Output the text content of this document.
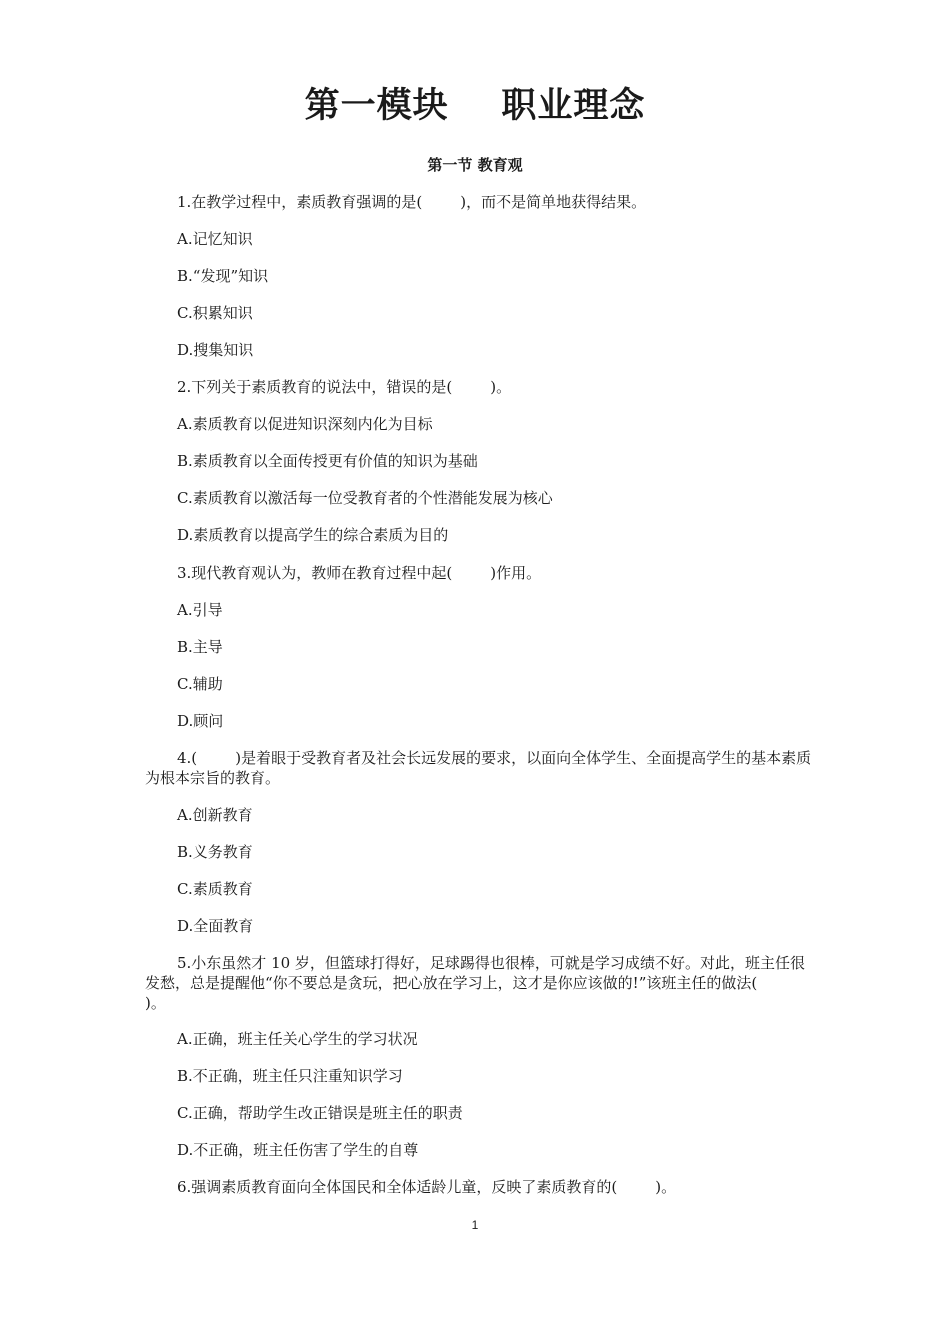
第一模块    职业理念
第一节 教育观
1.在教学过程中，素质教育强调的是(        )，而不是简单地获得结果。
A.记忆知识
B.“发现”知识
C.积累知识
D.搜集知识
2.下列关于素质教育的说法中，错误的是(        )。
A.素质教育以促进知识深刻内化为目标
B.素质教育以全面传授更有价值的知识为基础
C.素质教育以激活每一位受教育者的个性潜能发展为核心
D.素质教育以提高学生的综合素质为目的
3.现代教育观认为，教师在教育过程中起(        )作用。
A.引导
B.主导
C.辅助
D.顾问
4.(        )是着眼于受教育者及社会长远发展的要求，以面向全体学生、全面提高学生的基本素质为根本宗旨的教育。
A.创新教育
B.义务教育
C.素质教育
D.全面教育
5.小东虽然才 10 岁，但篮球打得好，足球踢得也很棒，可就是学习成绩不好。对此，班主任很发愁，总是提醒他“你不要总是贪玩，把心放在学习上，这才是你应该做的!”该班主任的做法(        )。
A.正确，班主任关心学生的学习状况
B.不正确，班主任只注重知识学习
C.正确，帮助学生改正错误是班主任的职责
D.不正确，班主任伤害了学生的自尊
6.强调素质教育面向全体国民和全体适龄儿童，反映了素质教育的(        )。
1
